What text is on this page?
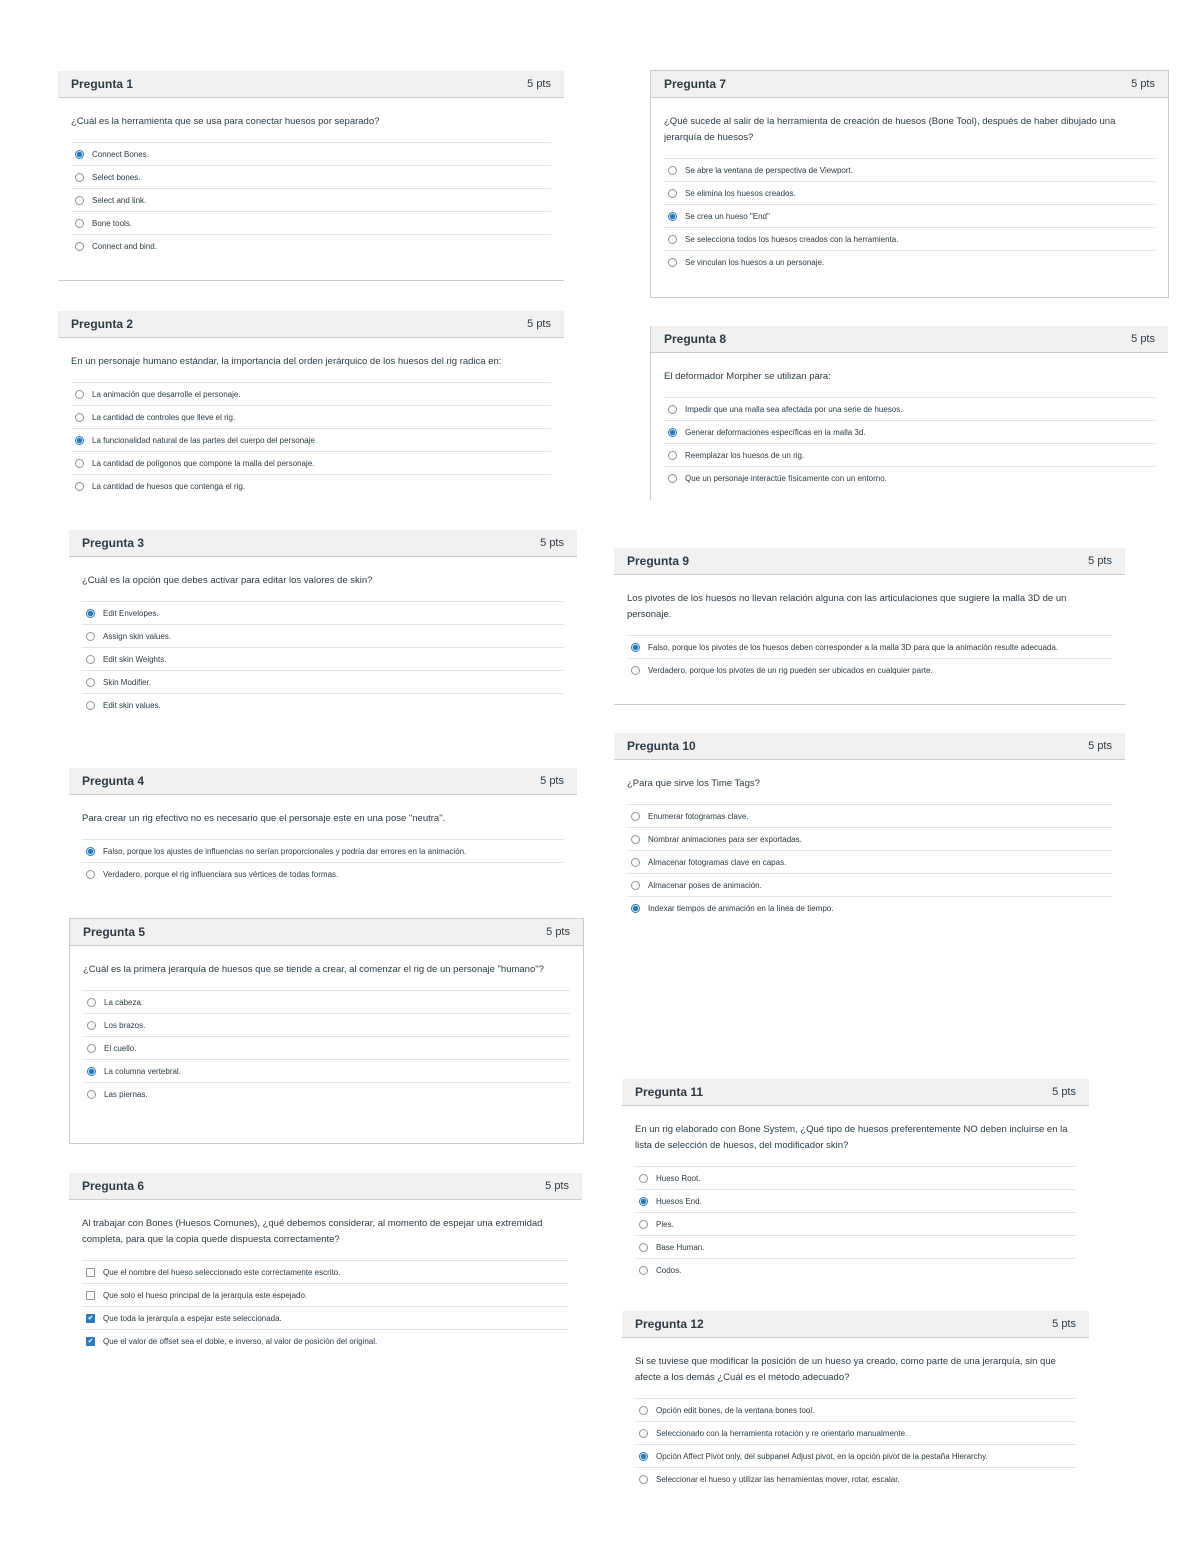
Pregunta 1	5 pts
¿Cuál es la herramienta que se usa para conectar huesos por separado?
Connect Bones.
Select bones.
Select and link.
Bone tools.
Connect and bind.
Pregunta 2	5 pts
En un personaje humano estándar, la importancia del orden jerárquico de los huesos del rig radica en:
La animación que desarrolle el personaje.
La cantidad de controles que lleve el rig.
La funcionalidad natural de las partes del cuerpo del personaje
La cantidad de polígonos que compone la malla del personaje.
La cantidad de huesos que contenga el rig.
Pregunta 3	5 pts
¿Cuál es la opción que debes activar para editar los valores de skin?
Edit Envelopes.
Assign skin values.
Edit skin Weights.
Skin Modifier.
Edit skin values.
Pregunta 4	5 pts
Para crear un rig efectivo no es necesario que el personaje este en una pose "neutra".
Falso, porque los ajustes de influencias no serían proporcionales y podría dar errores en la animación.
Verdadero, porque el rig influenciara sus vértices de todas formas.
Pregunta 5	5 pts
¿Cuál es la primera jerarquía de huesos que se tiende a crear, al comenzar el rig de un personaje "humano"?
La cabeza.
Los brazos.
El cuello.
La columna vertebral.
Las piernas.
Pregunta 6	5 pts
Al trabajar con Bones (Huesos Comunes), ¿qué debemos considerar, al momento de espejar una extremidad completa, para que la copia quede dispuesta correctamente?
Que el nombre del hueso seleccionado este correctamente escrito.
Que solo el hueso principal de la jerarquía este espejado.
✔ Que toda la jerarquía a espejar este seleccionada.
✔ Que el valor de offset sea el doble, e inverso, al valor de posición del original.
Pregunta 7	5 pts
¿Qué sucede al salir de la herramienta de creación de huesos (Bone Tool), después de haber dibujado una jerarquía de huesos?
Se abre la ventana de perspectiva de Viewport.
Se elimina los huesos creados.
Se crea un hueso "End"
Se selecciona todos los huesos creados con la herramienta.
Se vinculan los huesos a un personaje.
Pregunta 8	5 pts
El deformador Morpher se utilizan para:
Impedir que una malla sea afectada por una serie de huesos.
Generar deformaciones específicas en la malla 3d.
Reemplazar los huesos de un rig.
Que un personaje interactúe físicamente con un entorno.
Pregunta 9	5 pts
Los pivotes de los huesos no llevan relación alguna con las articulaciones que sugiere la malla 3D de un personaje.
Falso, porque los pivotes de los huesos deben corresponder a la malla 3D para que la animación resulte adecuada.
Verdadero, porque los pivotes de un rig pueden ser ubicados en cualquier parte.
Pregunta 10	5 pts
¿Para que sirve los Time Tags?
Enumerar fotogramas clave.
Nombrar animaciones para ser exportadas.
Almacenar fotogramas clave en capas.
Almacenar poses de animación.
Indexar tiempos de animación en la línea de tiempo.
Pregunta 11	5 pts
En un rig elaborado con Bone System, ¿Qué tipo de huesos preferentemente NO deben incluirse en la lista de selección de huesos, del modificador skin?
Hueso Root.
Huesos End.
Pies.
Base Human.
Codos.
Pregunta 12	5 pts
Si se tuviese que modificar la posición de un hueso ya creado, como parte de una jerarquía, sin que afecte a los demás ¿Cuál es el método adecuado?
Opción edit bones, de la ventana bones tool.
Seleccionarlo con la herramienta rotación y re orientarlo manualmente.
Opción Affect Pivot only, del subpanel Adjust pivot, en la opción pivot de la pestaña Hierarchy.
Seleccionar el hueso y utilizar las herramientas mover, rotar, escalar.
